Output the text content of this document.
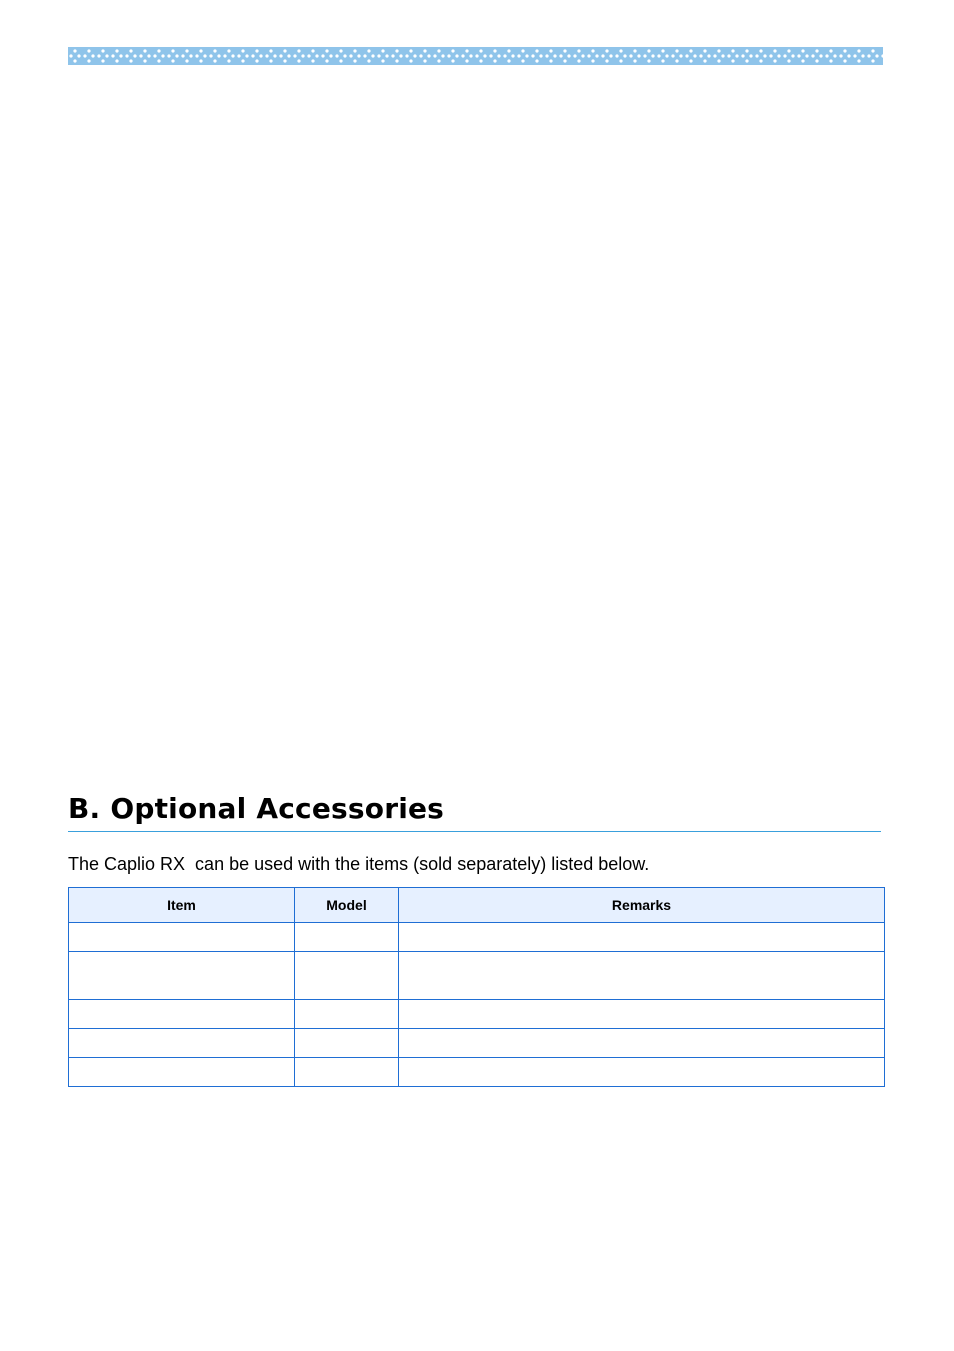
B. Optional Accessories

The Caplio RX  can be used with the items (sold separately) listed below.

Item	Model	Remarks
